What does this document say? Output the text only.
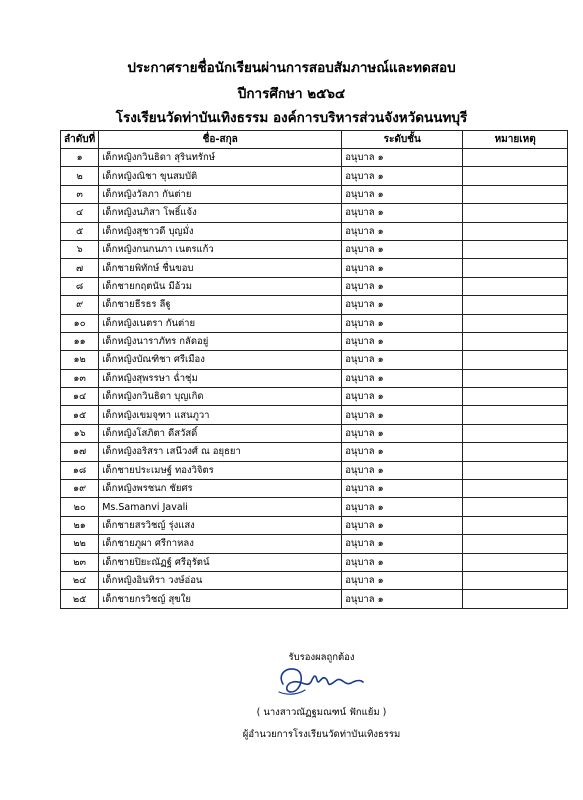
ประกาศรายชื่อนักเรียนผ่านการสอบสัมภาษณ์และทดสอบ
ปีการศึกษา ๒๕๖๔
โรงเรียนวัดท่าบันเทิงธรรม องค์การบริหารส่วนจังหวัดนนทบุรี
ลำดับที่	ชื่อ-สกุล	ระดับชั้น	หมายเหตุ
๑	เด็กหญิงกวินธิดา สุรินทรักษ์	อนุบาล ๑	
๒	เด็กหญิงณิชา ขุนสมบัติ	อนุบาล ๑	
๓	เด็กหญิงวัลภา กันต่าย	อนุบาล ๑	
๔	เด็กหญิงนภิสา โพธิ์แจ้ง	อนุบาล ๑	
๕	เด็กหญิงสุชาวดี บุญมั่ง	อนุบาล ๑	
๖	เด็กหญิงกนกนภา เนตรแก้ว	อนุบาล ๑	
๗	เด็กชายพิทักษ์ ชื่นขอบ	อนุบาล ๑	
๘	เด็กชายกฤตนัน มีอ้วม	อนุบาล ๑	
๙	เด็กชายธีรธร ลีฐู	อนุบาล ๑	
๑๐	เด็กหญิงเนตรา กันต่าย	อนุบาล ๑	
๑๑	เด็กหญิงนาราภัทร กลัดอยู่	อนุบาล ๑	
๑๒	เด็กหญิงบัณฑิชา ศรีเมือง	อนุบาล ๑	
๑๓	เด็กหญิงสุพรรษา ฉ่ำชุ่ม	อนุบาล ๑	
๑๔	เด็กหญิงกวินธิดา บุญเกิด	อนุบาล ๑	
๑๕	เด็กหญิงเขมจุฑา แสนภูวา	อนุบาล ๑	
๑๖	เด็กหญิงโสภิตา ดีสวัสดิ์	อนุบาล ๑	
๑๗	เด็กหญิงอริสรา เสนีวงศ์ ณ อยุธยา	อนุบาล ๑	
๑๘	เด็กชายประเมษฐ์ ทองวิจิตร	อนุบาล ๑	
๑๙	เด็กหญิงพรชนก ชัยศร	อนุบาล ๑	
๒๐	Ms.Samanvi Javali	อนุบาล ๑	
๒๑	เด็กชายสรวิชญ์ รุ่งแสง	อนุบาล ๑	
๒๒	เด็กชายภูผา ศรีกาหลง	อนุบาล ๑	
๒๓	เด็กชายปิยะณัฏฐ์ ศรีอุรัตน์	อนุบาล ๑	
๒๔	เด็กหญิงอินทิรา วงษ์อ่อน	อนุบาล ๑	
๒๕	เด็กชายกรวิชญ์ สุขใย	อนุบาล ๑	
รับรองผลถูกต้อง
( นางสาวณัฏฐมณฑน์ ฟักแย้ม )
ผู้อำนวยการโรงเรียนวัดท่าบันเทิงธรรม
